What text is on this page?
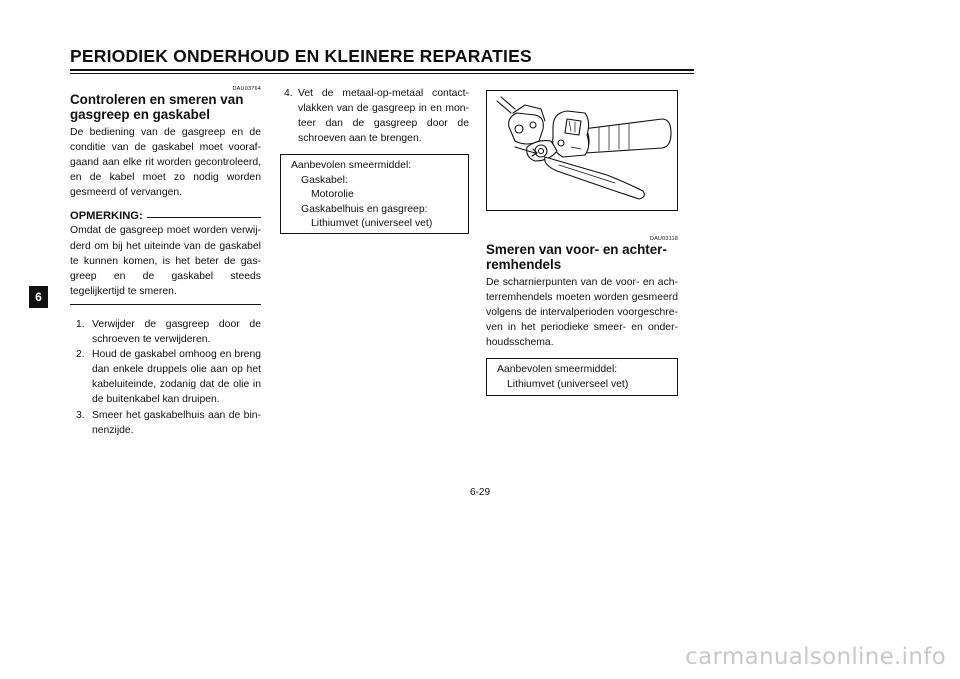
PERIODIEK ONDERHOUD EN KLEINERE REPARATIES
6
DAU03764
Controleren en smeren van
gasgreep en gaskabel

De bediening van de gasgreep en de conditie van de gaskabel moet vooraf-gaand aan elke rit worden gecontroleerd, en de kabel moet zo nodig worden gesmeerd of vervangen.

OPMERKING:

Omdat de gasgreep moet worden verwij-derd om bij het uiteinde van de gaskabel te kunnen komen, is het beter de gas-greep en de gaskabel steeds tegelijkertijd te smeren.

1. Verwijder de gasgreep door de schroeven te verwijderen.
2. Houd de gaskabel omhoog en breng dan enkele druppels olie aan op het kabeluiteinde, zodanig dat de olie in de buitenkabel kan druipen.
3. Smeer het gaskabelhuis aan de bin-nenzijde.
4. Vet de metaal-op-metaal contact-vlakken van de gasgreep in en mon-teer dan de gasgreep door de schroeven aan te brengen.
Aanbevolen smeermiddel:
Gaskabel:
Motorolie
Gaskabelhuis en gasgreep:
Lithiumvet (universeel vet)
DAU03118
Smeren van voor- en achter-
remhendels

De scharnierpunten van de voor- en ach-terremhendels moeten worden gesmeerd volgens de intervalperioden voorgeschre-ven in het periodieke smeer- en onder-houdsschema.

Aanbevolen smeermiddel:
Lithiumvet (universeel vet)
6-29
carmanualsonline.info
